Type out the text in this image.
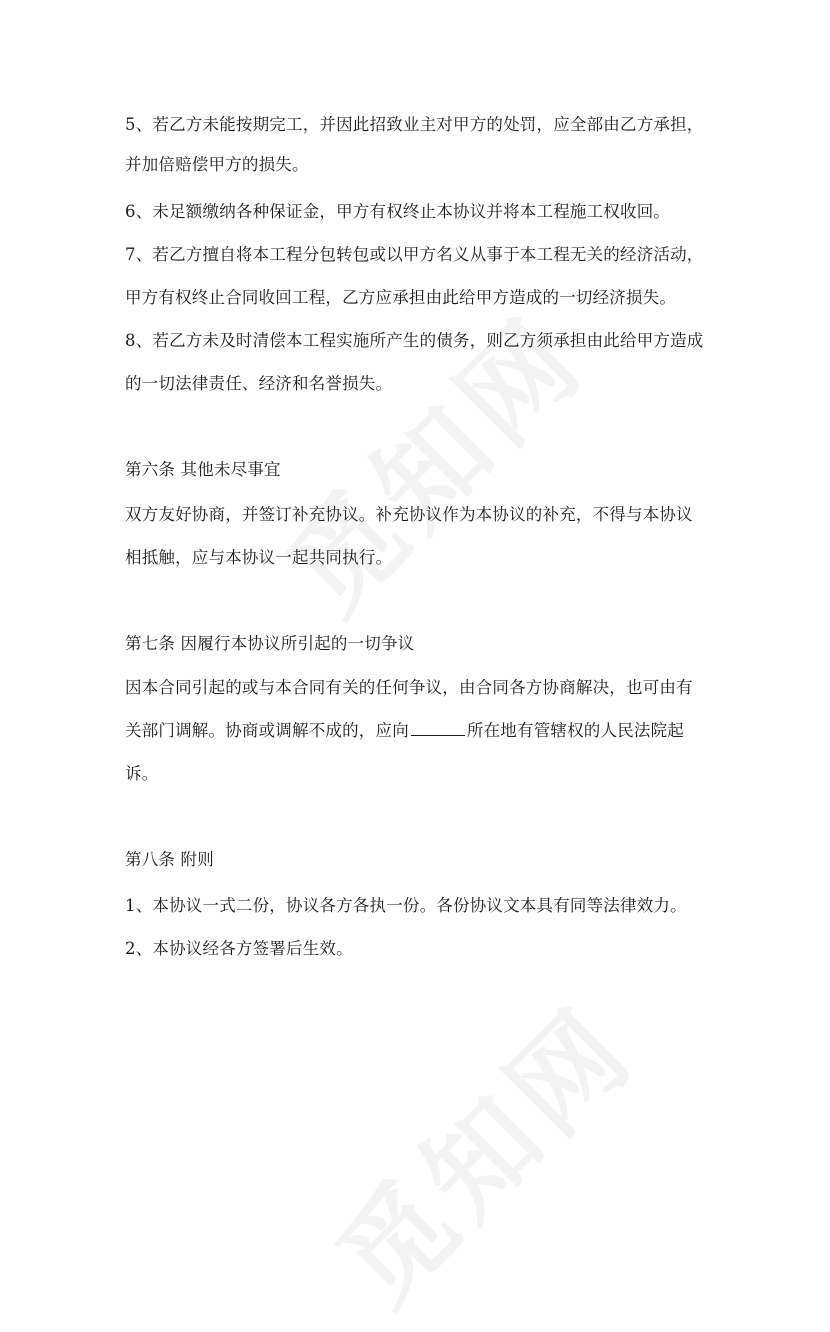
5、若乙方未能按期完工，并因此招致业主对甲方的处罚，应全部由乙方承担，
并加倍赔偿甲方的损失。
6、未足额缴纳各种保证金，甲方有权终止本协议并将本工程施工权收回。
7、若乙方擅自将本工程分包转包或以甲方名义从事于本工程无关的经济活动，
甲方有权终止合同收回工程，乙方应承担由此给甲方造成的一切经济损失。
8、若乙方未及时清偿本工程实施所产生的债务，则乙方须承担由此给甲方造成
的一切法律责任、经济和名誉损失。
第六条 其他未尽事宜
双方友好协商，并签订补充协议。补充协议作为本协议的补充，不得与本协议
相抵触，应与本协议一起共同执行。
第七条 因履行本协议所引起的一切争议
因本合同引起的或与本合同有关的任何争议，由合同各方协商解决，也可由有
关部门调解。协商或调解不成的，应向	所在地有管辖权的人民法院起
诉。
第八条 附则
1、本协议一式二份，协议各方各执一份。各份协议文本具有同等法律效力。
2、本协议经各方签署后生效。
